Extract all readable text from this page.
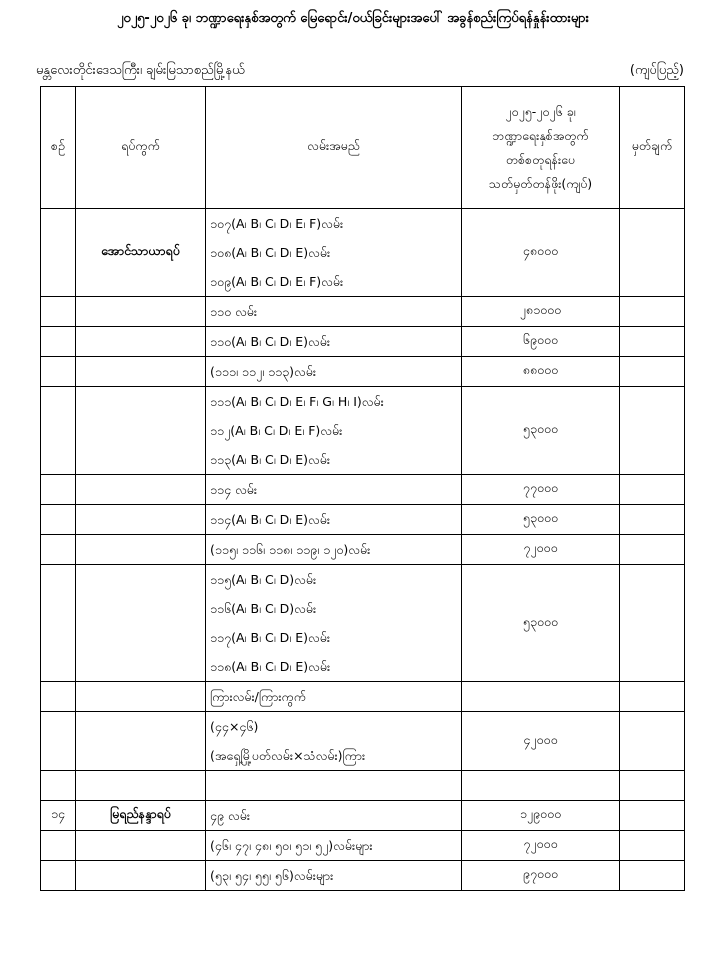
၂၀၂၅-၂၀၂၆ ခု၊ ဘဏ္ဍာရေးနှစ်အတွက် မြေရောင်း/ဝယ်ခြင်းများအပေါ် အခွန်စည်းကြပ်ရန်နှုန်းထားများ
မန္တလေးတိုင်းဒေသကြီး၊ ချမ်းမြသာစည်မြို့နယ်	(ကျပ်ပြည့်)
စဉ်	ရပ်ကွက်	လမ်းအမည်	၂၀၂၅-၂၀၂၆ ခု၊
ဘဏ္ဍာရေးနှစ်အတွက်
တစ်စတုရန်းပေ
သတ်မှတ်တန်ဖိုး(ကျပ်)	မှတ်ချက်
	အောင်သာယာရပ်	၁၀၇(A၊ B၊ C၊ D၊ E၊ F)လမ်း
၁၀၈(A၊ B၊ C၊ D၊ E)လမ်း
၁၀၉(A၊ B၊ C၊ D၊ E၊ F)လမ်း	၄၈၀၀၀	

		၁၁၀ လမ်း	၂၈၁၀၀၀	

		၁၁၀(A၊ B၊ C၊ D၊ E)လမ်း	၆၉၀၀၀	

		(၁၁၁၊ ၁၁၂၊ ၁၁၃)လမ်း	၈၈၀၀၀	

		၁၁၁(A၊ B၊ C၊ D၊ E၊ F၊ G၊ H၊ I)လမ်း
၁၁၂(A၊ B၊ C၊ D၊ E၊ F)လမ်း
၁၁၃(A၊ B၊ C၊ D၊ E)လမ်း	၅၃၀၀၀	

		၁၁၄ လမ်း	၇၇၀၀၀	

		၁၁၄(A၊ B၊ C၊ D၊ E)လမ်း	၅၃၀၀၀	

		(၁၁၅၊ ၁၁၆၊ ၁၁၈၊ ၁၁၉၊ ၁၂၀)လမ်း	၇၂၀၀၀	

		၁၁၅(A၊ B၊ C၊ D)လမ်း
၁၁၆(A၊ B၊ C၊ D)လမ်း
၁၁၇(A၊ B၊ C၊ D၊ E)လမ်း
၁၁၈(A၊ B၊ C၊ D၊ E)လမ်း	၅၃၀၀၀	

		ကြားလမ်း/ကြားကွက်		

		(၄၄×၄၆)
(အရှေ့မြို့ပတ်လမ်း×သံလမ်း)ကြား	၄၂၀၀၀	

၁၄	မြရည်နန္ဒာရပ်	၄၉ လမ်း	၁၂၉၀၀၀	

		(၄၆၊ ၄၇၊ ၄၈၊ ၅၀၊ ၅၁၊ ၅၂)လမ်းများ	၇၂၀၀၀	

		(၅၃၊ ၅၄၊ ၅၅၊ ၅၆)လမ်းများ	၉၇၀၀၀	
